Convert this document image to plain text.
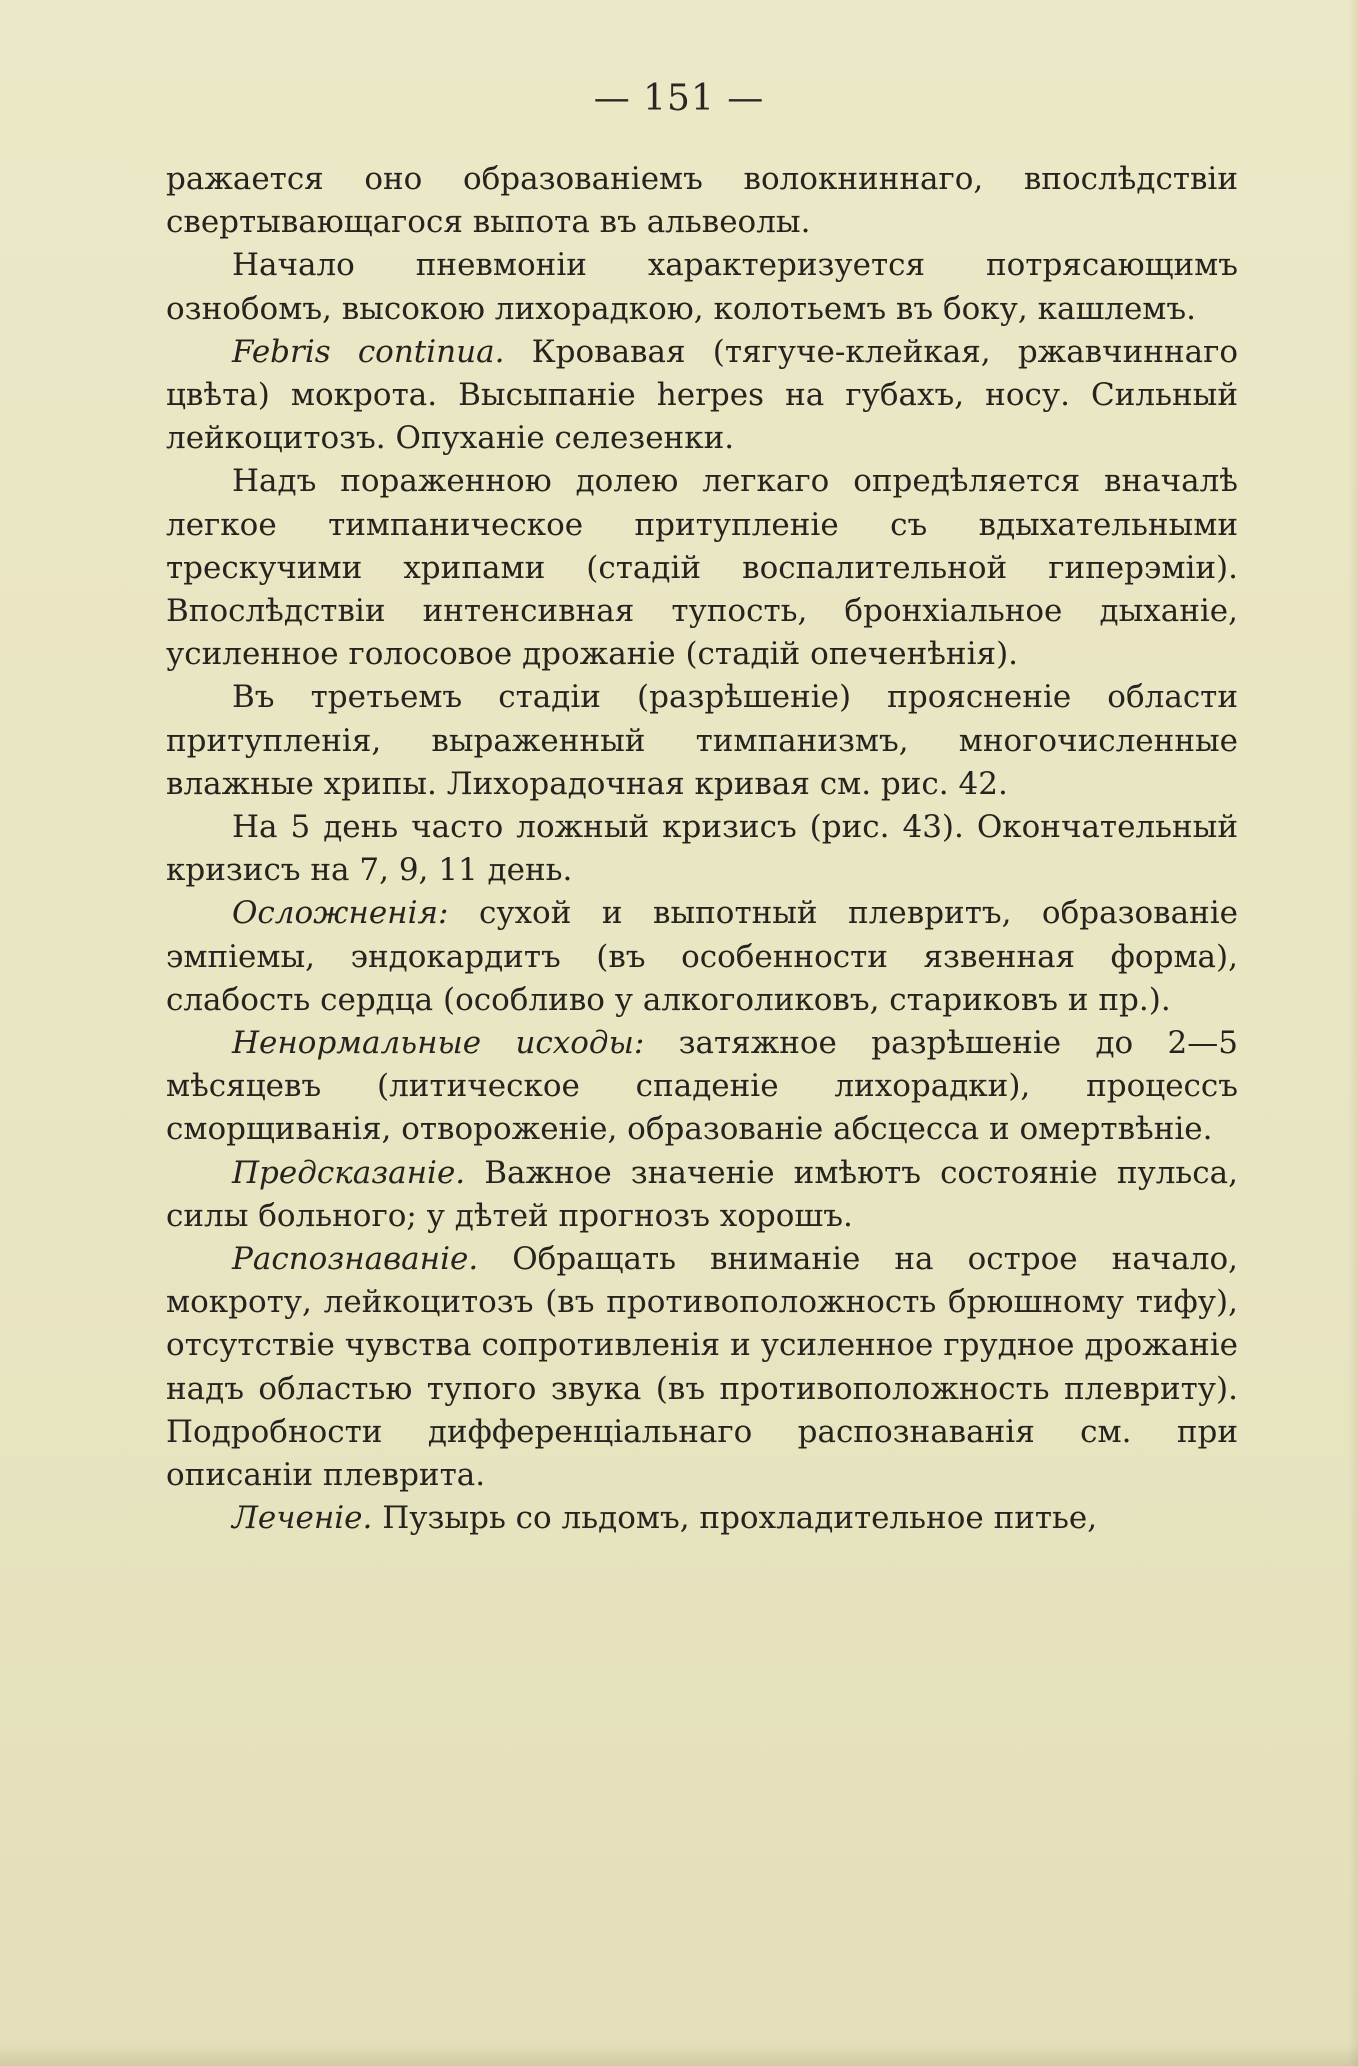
— 151 —

ражается оно образованіемъ волокниннаго, впослѣдствіи свертывающагося выпота въ альвеолы.

Начало пневмоніи характеризуется потрясающимъ ознобомъ, высокою лихорадкою, колотьемъ въ боку, кашлемъ.

Febris continua. Кровавая (тягуче-клейкая, ржавчиннаго цвѣта) мокрота. Высыпаніе herpes на губахъ, носу. Сильный лейкоцитозъ. Опуханіе селезенки.

Надъ пораженною долею легкаго опредѣляется вначалѣ легкое тимпаническое притупленіе съ вдыхательными трескучими хрипами (стадій воспалительной гиперэміи). Впослѣдствіи интенсивная тупость, бронхіальное дыханіе, усиленное голосовое дрожаніе (стадій опеченѣнія).

Въ третьемъ стадіи (разрѣшеніе) проясненіе области притупленія, выраженный тимпанизмъ, многочисленные влажные хрипы. Лихорадочная кривая см. рис. 42.

На 5 день часто ложный кризисъ (рис. 43). Окончательный кризисъ на 7, 9, 11 день.

Осложненія: сухой и выпотный плевритъ, образованіе эмпіемы, эндокардитъ (въ особенности язвенная форма), слабость сердца (особливо у алкоголиковъ, стариковъ и пр.).

Ненормальные исходы: затяжное разрѣшеніе до 2—5 мѣсяцевъ (литическое спаденіе лихорадки), процессъ сморщиванія, отвороженіе, образованіе абсцесса и омертвѣніе.

Предсказаніе. Важное значеніе имѣютъ состояніе пульса, силы больного; у дѣтей прогнозъ хорошъ.

Распознаваніе. Обращать вниманіе на острое начало, мокроту, лейкоцитозъ (въ противоположность брюшному тифу), отсутствіе чувства сопротивленія и усиленное грудное дрожаніе надъ областью тупого звука (въ противоположность плевриту). Подробности дифференціальнаго распознаванія см. при описаніи плеврита.

Леченіе. Пузырь со льдомъ, прохладительное питье,
